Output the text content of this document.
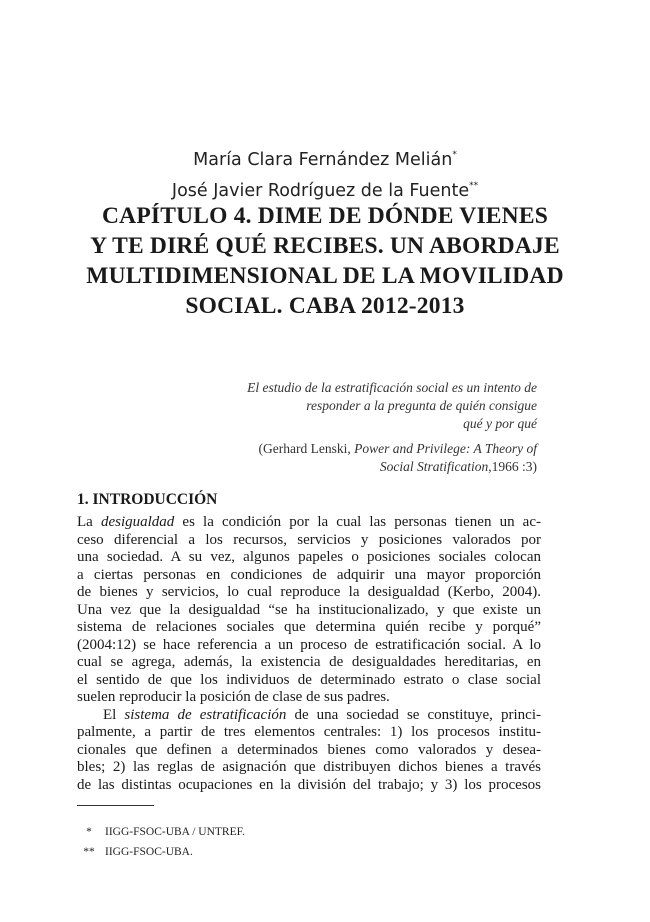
María Clara Fernández Melián*
José Javier Rodríguez de la Fuente**
CAPÍTULO 4. DIME DE DÓNDE VIENES
Y TE DIRÉ QUÉ RECIBES. UN ABORDAJE
MULTIDIMENSIONAL DE LA MOVILIDAD
SOCIAL. CABA 2012-2013
El estudio de la estratificación social es un intento de
responder a la pregunta de quién consigue
qué y por qué
(Gerhard Lenski, Power and Privilege: A Theory of
Social Stratification,1966 :3)
1. INTRODUCCIÓN
La desigualdad es la condición por la cual las personas tienen un ac-
ceso diferencial a los recursos, servicios y posiciones valorados por
una sociedad. A su vez, algunos papeles o posiciones sociales colocan
a ciertas personas en condiciones de adquirir una mayor proporción
de bienes y servicios, lo cual reproduce la desigualdad (Kerbo, 2004).
Una vez que la desigualdad “se ha institucionalizado, y que existe un
sistema de relaciones sociales que determina quién recibe y porqué”
(2004:12) se hace referencia a un proceso de estratificación social. A lo
cual se agrega, además, la existencia de desigualdades hereditarias, en
el sentido de que los individuos de determinado estrato o clase social
suelen reproducir la posición de clase de sus padres.
El sistema de estratificación de una sociedad se constituye, princi-
palmente, a partir de tres elementos centrales: 1) los procesos institu-
cionales que definen a determinados bienes como valorados y desea-
bles; 2) las reglas de asignación que distribuyen dichos bienes a través
de las distintas ocupaciones en la división del trabajo; y 3) los procesos
*	IIGG-FSOC-UBA / UNTREF.
** IIGG-FSOC-UBA.
